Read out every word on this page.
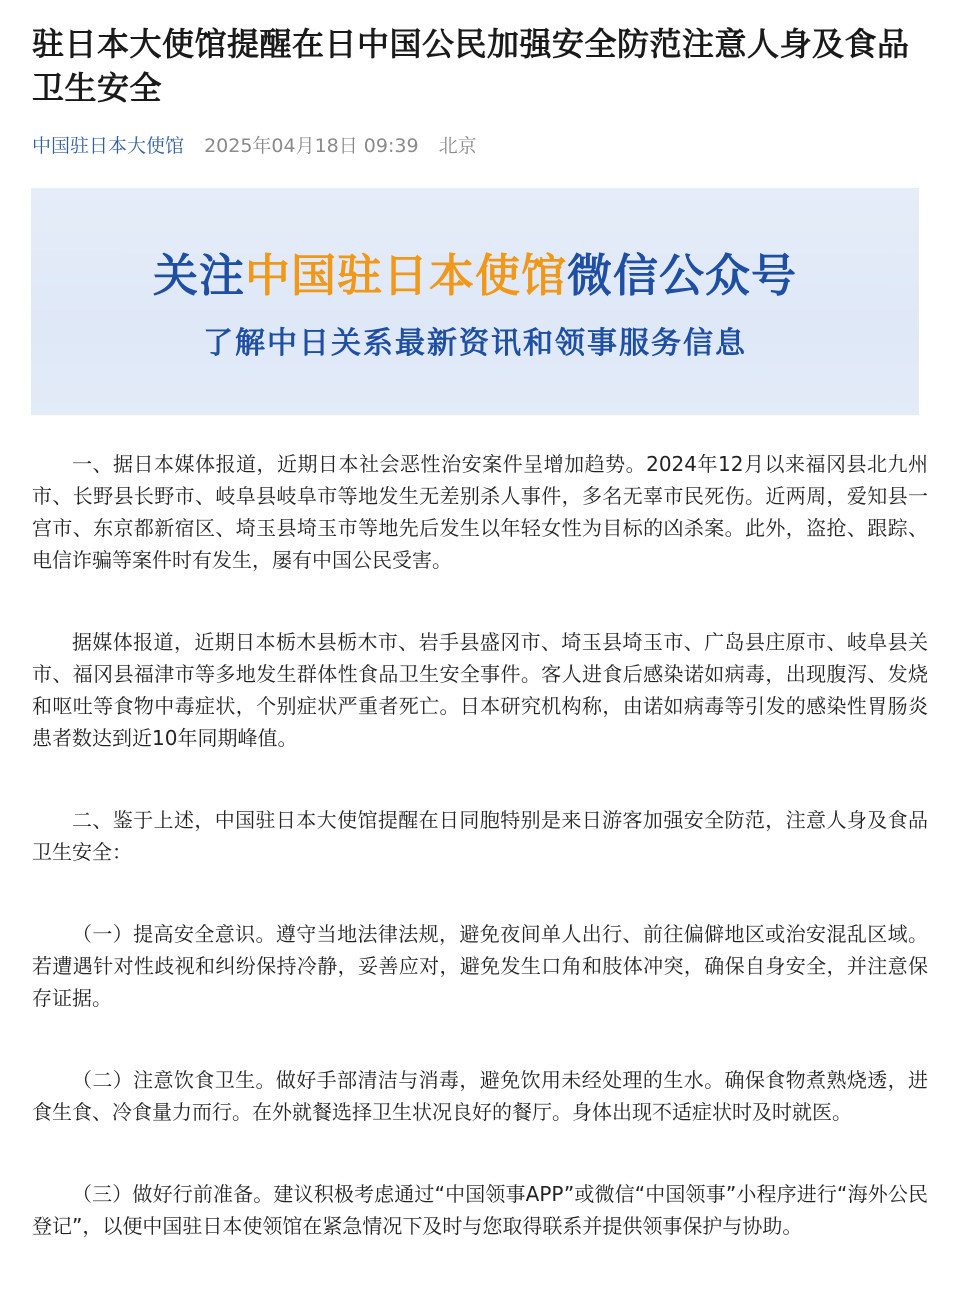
驻日本大使馆提醒在日中国公民加强安全防范注意人身及食品卫生安全
中国驻日本大使馆 2025年04月18日 09:39 北京
关注中国驻日本使馆微信公众号
了解中日关系最新资讯和领事服务信息

一、据日本媒体报道，近期日本社会恶性治安案件呈增加趋势。2024年12月以来福冈县北九州市、长野县长野市、岐阜县岐阜市等地发生无差别杀人事件，多名无辜市民死伤。近两周，爱知县一宫市、东京都新宿区、埼玉县埼玉市等地先后发生以年轻女性为目标的凶杀案。此外，盗抢、跟踪、电信诈骗等案件时有发生，屡有中国公民受害。

据媒体报道，近期日本栃木县栃木市、岩手县盛冈市、埼玉县埼玉市、广岛县庄原市、岐阜县关市、福冈县福津市等多地发生群体性食品卫生安全事件。客人进食后感染诺如病毒，出现腹泻、发烧和呕吐等食物中毒症状，个别症状严重者死亡。日本研究机构称，由诺如病毒等引发的感染性胃肠炎患者数达到近10年同期峰值。

二、鉴于上述，中国驻日本大使馆提醒在日同胞特别是来日游客加强安全防范，注意人身及食品卫生安全：

（一）提高安全意识。遵守当地法律法规，避免夜间单人出行、前往偏僻地区或治安混乱区域。若遭遇针对性歧视和纠纷保持冷静，妥善应对，避免发生口角和肢体冲突，确保自身安全，并注意保存证据。

（二）注意饮食卫生。做好手部清洁与消毒，避免饮用未经处理的生水。确保食物煮熟烧透，进食生食、冷食量力而行。在外就餐选择卫生状况良好的餐厅。身体出现不适症状时及时就医。

（三）做好行前准备。建议积极考虑通过“中国领事APP”或微信“中国领事”小程序进行“海外公民登记”，以便中国驻日本使领馆在紧急情况下及时与您取得联系并提供领事保护与协助。
